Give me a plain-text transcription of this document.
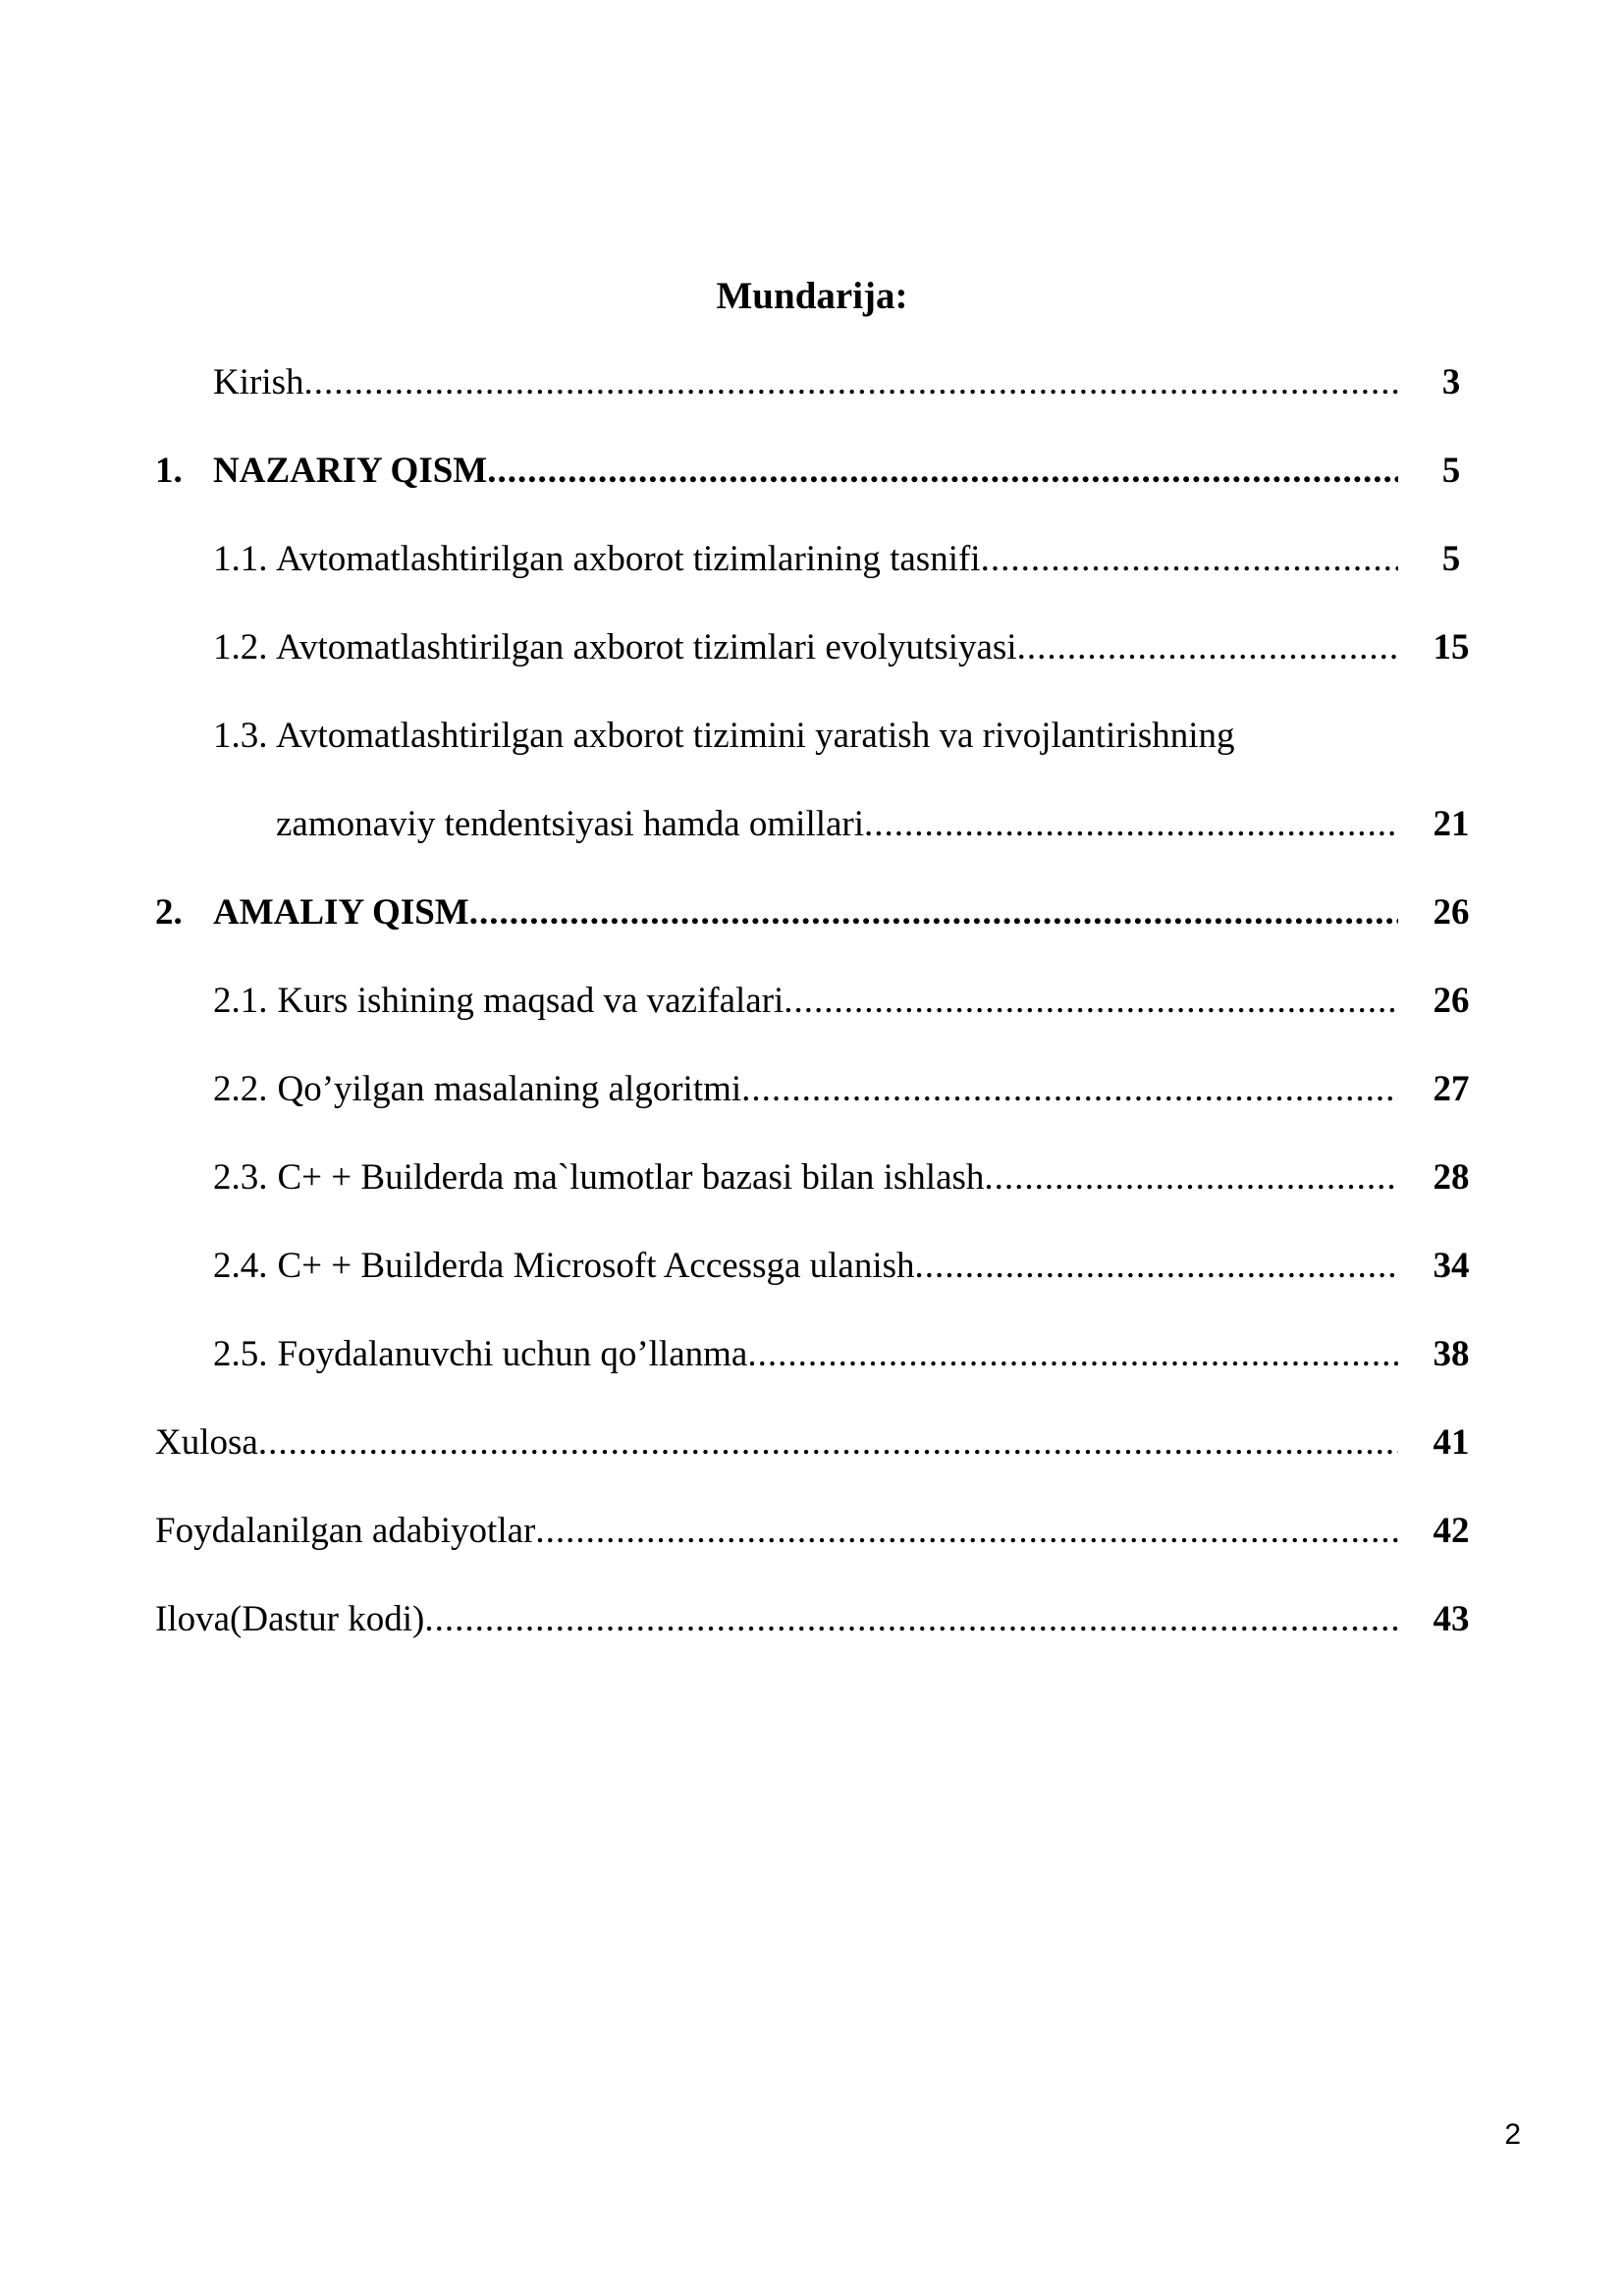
Mundarija:
Kirish .....	3
1. NAZARIY QISM .....	5
1.1. Avtomatlashtirilgan axborot tizimlarining tasnifi .....	5
1.2. Avtomatlashtirilgan axborot tizimlari evolyutsiyasi .....	15
1.3. Avtomatlashtirilgan axborot tizimini yaratish va rivojlantirishning
zamonaviy tendentsiyasi hamda omillari .....	21
2. AMALIY QISM .....	26
2.1. Kurs ishining maqsad va vazifalari .....	26
2.2. Qo’yilgan masalaning algoritmi .....	27
2.3. C+ + Builderda ma`lumotlar bazasi bilan ishlash .....	28
2.4. C+ + Builderda Microsoft Accessga ulanish .....	34
2.5. Foydalanuvchi uchun qo’llanma .....	38
Xulosa .....	41
Foydalanilgan adabiyotlar .....	42
Ilova(Dastur kodi) .....	43
2
